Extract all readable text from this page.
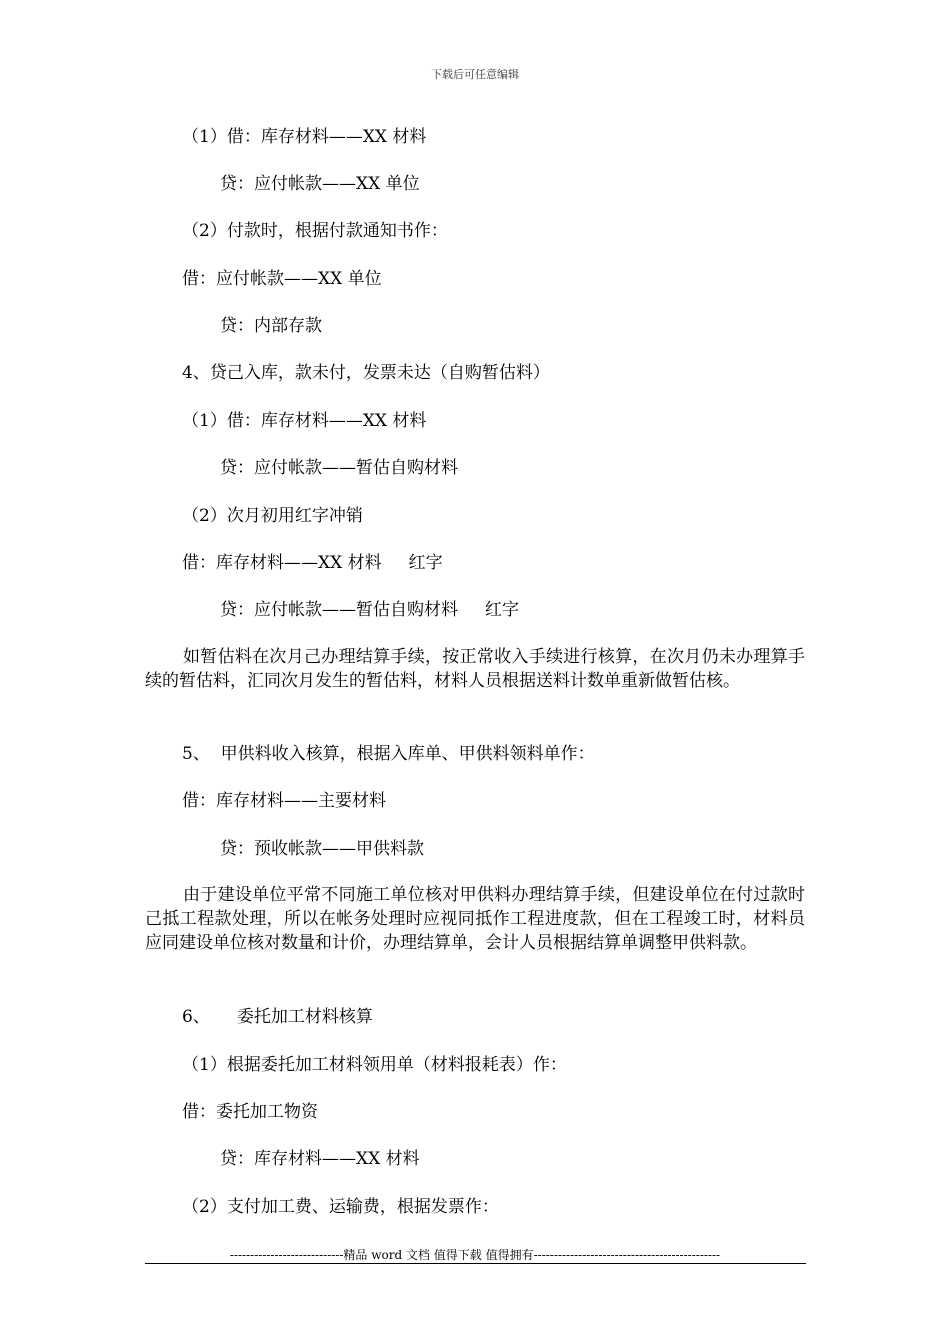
下载后可任意编辑
（1）借：库存材料——XX 材料
贷：应付帐款——XX 单位
（2）付款时，根据付款通知书作：
借：应付帐款——XX 单位
贷：内部存款
4、贷己入库，款未付，发票未达（自购暂估料）
（1）借：库存材料——XX 材料
贷：应付帐款——暂估自购材料
（2）次月初用红字冲销
借：库存材料——XX 材料     红字
贷：应付帐款——暂估自购材料     红字
如暂估料在次月己办理结算手续，按正常收入手续进行核算，在次月仍未办理算手续的暂估料，汇同次月发生的暂估料，材料人员根据送料计数单重新做暂估核。
5、  甲供料收入核算，根据入库单、甲供料领料单作：
借：库存材料——主要材料
贷：预收帐款——甲供料款
由于建设单位平常不同施工单位核对甲供料办理结算手续，但建设单位在付过款时己抵工程款处理，所以在帐务处理时应视同抵作工程进度款，但在工程竣工时，材料员应同建设单位核对数量和计价，办理结算单，会计人员根据结算单调整甲供料款。
6、     委托加工材料核算
（1）根据委托加工材料领用单（材料报耗表）作：
借：委托加工物资
贷：库存材料——XX 材料
（2）支付加工费、运输费，根据发票作：
----------------------------精品 word 文档 值得下载 值得拥有----------------------------------------------
